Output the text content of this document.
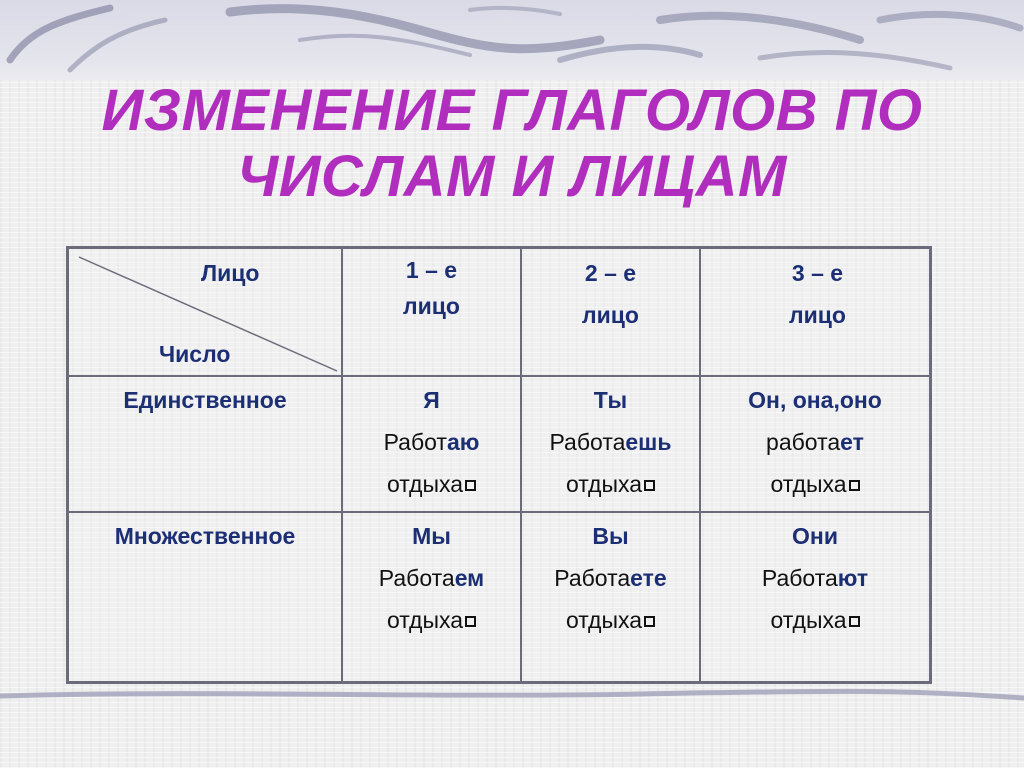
ИЗМЕНЕНИЕ ГЛАГОЛОВ ПО
ЧИСЛАМ И ЛИЦАМ
Лицо
Число
1 – е
лицо
2 – е
лицо
3 – е
лицо
Единственное	Я
Работаю
отдыха
Ты
Работаешь
отдыха
Он, она,оно
работает
отдыха
Множественное	Мы
Работаем
отдыха
Вы
Работаете
отдыха
Они
Работают
отдыха
